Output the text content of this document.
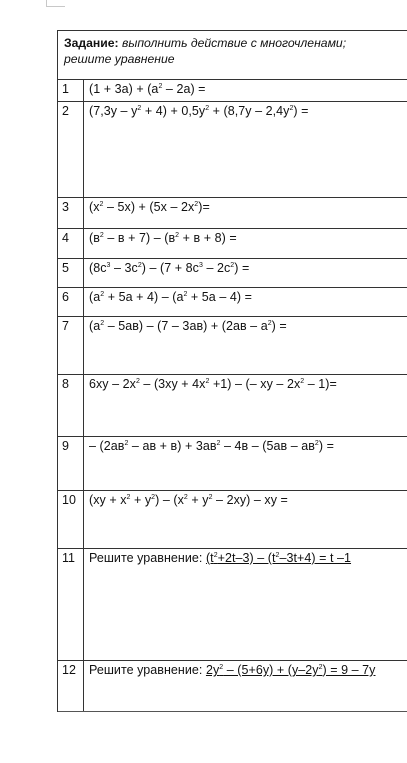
Задание: выполнить действие с многочленами;
решите уравнение
1 $(1 + 3a) + (a^2 - 2a)$ =
2 $(7,3y - y^2 + 4) + 0,5y^2 + (8,7y - 2,4y^2)$ =
3 $(x^2 - 5x) + (5x - 2x^2)=$
4 $(в^2 - в + 7) - (в^2 + в + 8)$ =
5 $(8c^3 - 3c^2) - (7 + 8c^3 - 2c^2)$ =
6 $(a^2 + 5a + 4) - (a^2 + 5a - 4)$ =
7 $(a^2 - 5ав) - (7 - 3ав) + (2ав - a^2)$ =
8 $6xy - 2x^2 - (3xy + 4x^2 +1)$ – (– xy – $2x^2 - 1)=$
$9 - (2ав^2$ – ав + $в) + 3ав^2 - 4в - (5ав - ав^2)$ =
10 $(xy + x^2 + y^2) - (x^2 + y^2 - 2xy)$ – xy =
11 Решите уравнение: $(t^2+2t-3) - (t^2-3t+4) = t$ –1
12 Решите уравнение: $2y^2 - (5+6y) + (y-2y^2) = 9 - 7y$
